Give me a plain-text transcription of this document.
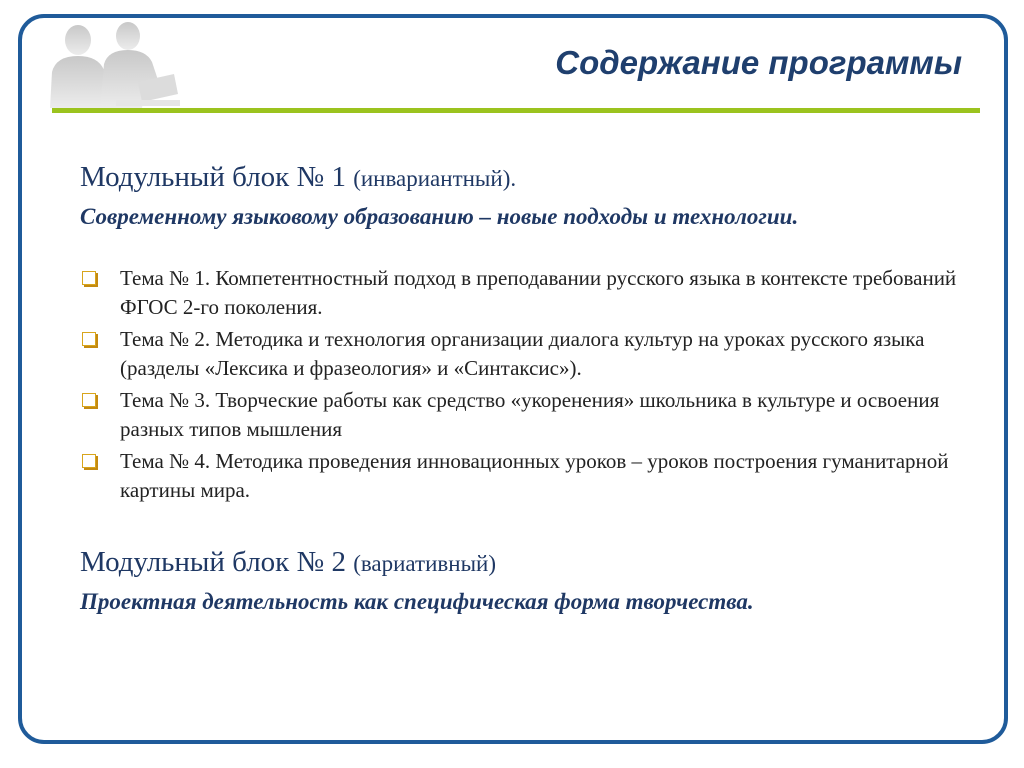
Содержание программы
Модульный блок № 1 (инвариантный).
Современному языковому образованию – новые подходы и технологии.
Тема № 1. Компетентностный подход в преподавании русского языка в контексте требований ФГОС 2-го поколения.
Тема № 2. Методика и технология организации диалога культур на уроках русского языка (разделы «Лексика и фразеология» и «Синтаксис»).
Тема № 3. Творческие работы как средство «укоренения» школьника в культуре и освоения разных типов мышления
Тема № 4. Методика проведения инновационных уроков – уроков построения гуманитарной картины мира.
Модульный блок № 2 (вариативный)
Проектная деятельность как специфическая форма творчества.
